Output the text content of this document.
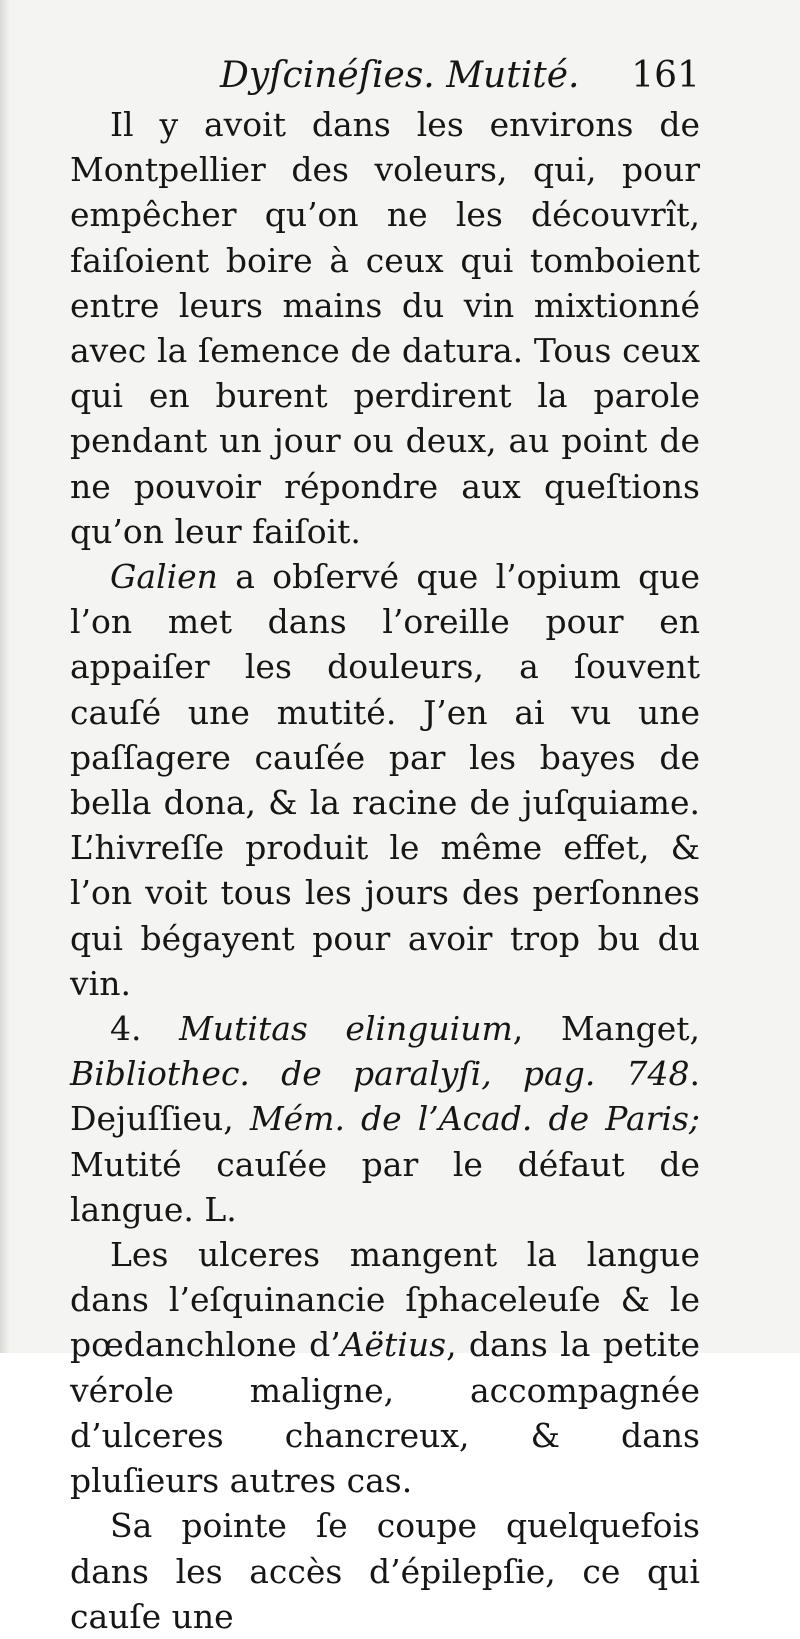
Dyſcinéſies. Mutité. 161

Il y avoit dans les environs de Montpellier des voleurs, qui, pour empêcher qu’on ne les découvrît, faiſoient boire à ceux qui tomboient entre leurs mains du vin mixtionné avec la ſemence de datura. Tous ceux qui en burent perdirent la parole pendant un jour ou deux, au point de ne pouvoir répondre aux queſtions qu’on leur faiſoit.

Galien a obſervé que l’opium que l’on met dans l’oreille pour en appaiſer les douleurs, a ſouvent cauſé une mutité. J’en ai vu une paſſagere cauſée par les bayes de bella dona, & la racine de juſquiame. L’hivreſſe produit le même effet, & l’on voit tous les jours des perſonnes qui bégayent pour avoir trop bu du vin.

4. Mutitas elinguium, Manget, Bibliothec. de paralyſi, pag. 748. Dejuſſieu, Mém. de l’Acad. de Paris; Mutité cauſée par le défaut de langue. L.

Les ulceres mangent la langue dans l’eſquinancie ſphaceleuſe & le pœdanchlone d’Aëtius, dans la petite vérole maligne, accompagnée d’ulceres chancreux, & dans pluſieurs autres cas.

Sa pointe ſe coupe quelquefois dans les accès d’épilepſie, ce qui cauſe une
